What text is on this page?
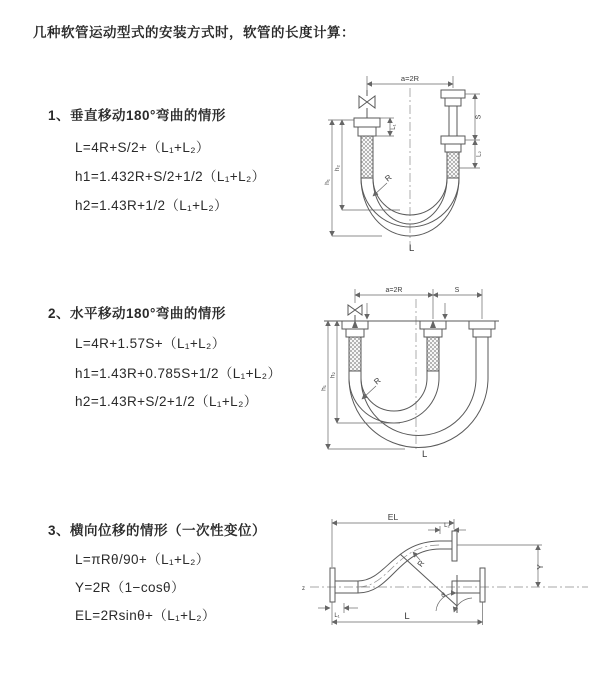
几种软管运动型式的安装方式时，软管的长度计算：
1、垂直移动180°弯曲的情形
L=4R+S/2+（L₁+L₂）
h1=1.432R+S/2+1/2（L₁+L₂）
h2=1.43R+1/2（L₁+L₂）
2、水平移动180°弯曲的情形
L=4R+1.57S+（L₁+L₂）
h1=1.43R+0.785S+1/2（L₁+L₂）
h2=1.43R+S/2+1/2（L₁+L₂）
3、横向位移的情形（一次性变位）
L=πRθ/90+（L₁+L₂）
Y=2R（1−cosθ）
EL=2Rsinθ+（L₁+L₂）
a=2R
h₁
h₂
S
L₂
L₁
R
L
a=2R	S
h₁
h₂
R
L
EL
L₂
Y
L
L₁
R
θ
z
